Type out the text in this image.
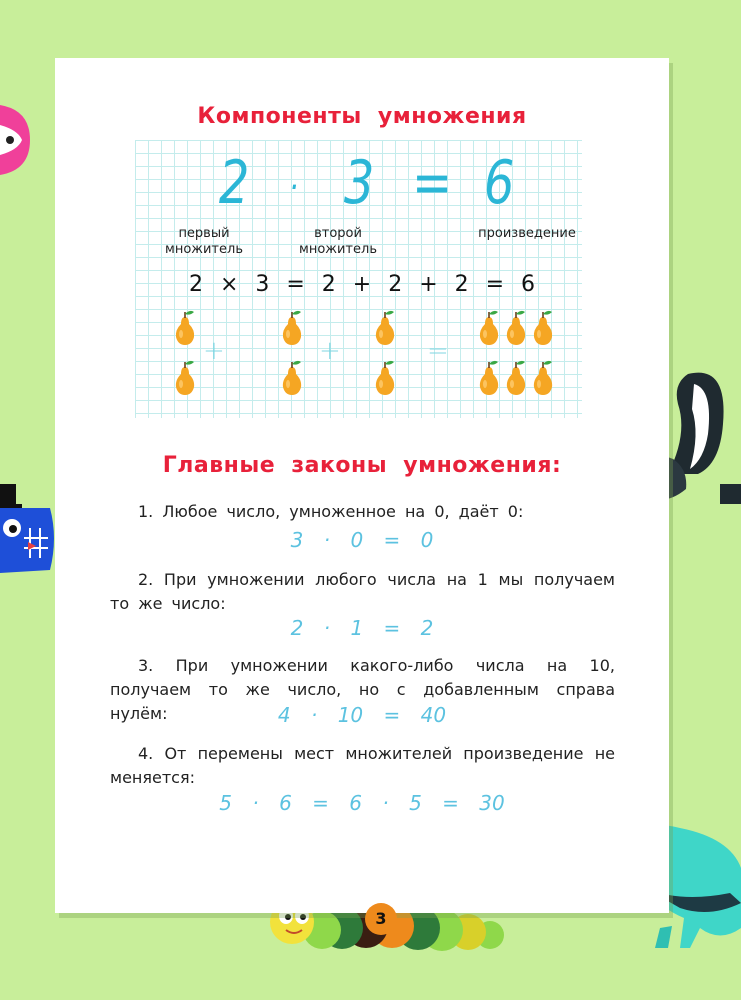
Компоненты умножения
2 · 3 = 6
первый
множитель
второй
множитель
произведение
2 × 3 = 2 + 2 + 2 = 6
+	+	=
Главные законы умножения:
1. Любое число, умноженное на 0, даёт 0:
3 · 0 = 0
2. При умножении любого числа на 1 мы получаем то же число:
2 · 1 = 2
3. При умножении какого-либо числа на 10, получаем то же число, но с добавленным справа нулём:	4 · 10 = 40
4. От перемены мест множителей произведение не меняется:
5 · 6 = 6 · 5 = 30
3
